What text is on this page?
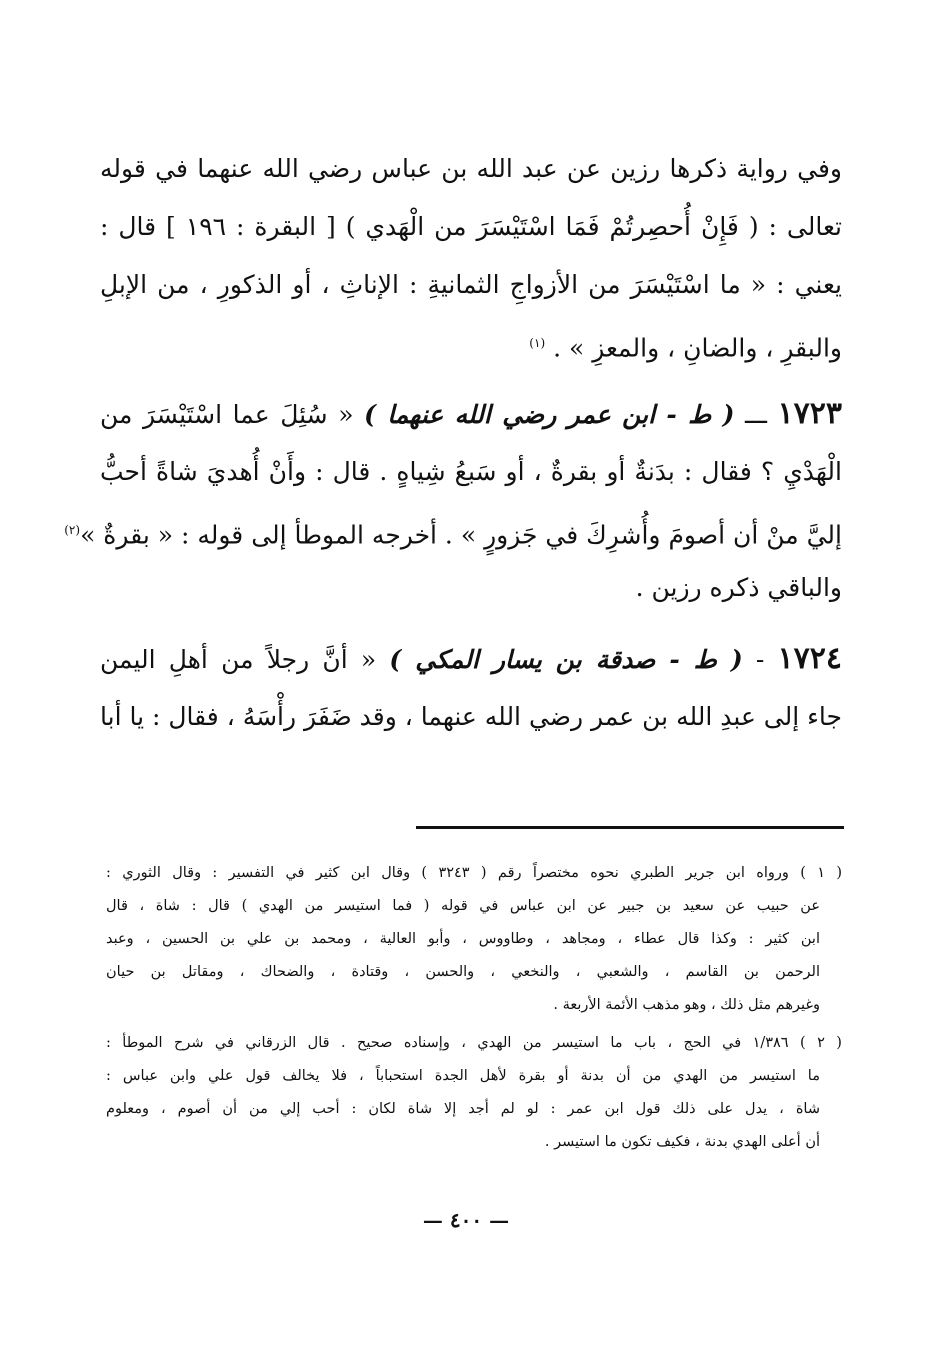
وفي رواية ذكرها رزين عن عبد الله بن عباس رضي الله عنهما في قوله
تعالى : ( فَإِنْ أُحصِرتُمْ فَمَا اسْتَيْسَرَ من الْهَدي ) [ البقرة : ١٩٦ ] قال :
يعني : « ما اسْتَيْسَرَ من الأزواجِ الثمانيةِ : الإناثِ ، أو الذكورِ ، من الإبلِ
والبقرِ ، والضانِ ، والمعزِ » . $^{(١)}$
١٧٢٣ ـــ ( ط - ابن عمر رضي الله عنهما ) « سُئِلَ عما اسْتَيْسَرَ من
الْهَدْيِ ؟ فقال : بدَنةٌ أو بقرةٌ ، أو سَبعُ شِياهٍ . قال : وأَنْ أُهديَ شاةً أحبُّ
إليَّ منْ أن أصومَ وأُشرِكَ في جَزورٍ » . أخرجه الموطأ إلى قوله : « بقرةٌ »$^{(٢)}$
والباقي ذكره رزين .
١٧٢٤ - ( ط - صدقة بن يسار المكي ) « أنَّ رجلاً من أهلِ اليمن
جاء إلى عبدِ الله بن عمر رضي الله عنهما ، وقد ضَفَرَ رأْسَهُ ، فقال : يا أبا
( ١ ) ورواه ابن جرير الطبري نحوه مختصراً رقم ( ٣٢٤٣ ) وقال ابن كثير في التفسير : وقال الثوري :
عن حبيب عن سعيد بن جبير عن ابن عباس في قوله ( فما استيسر من الهدي ) قال : شاة ، قال
ابن كثير : وكذا قال عطاء ، ومجاهد ، وطاووس ، وأبو العالية ، ومحمد بن علي بن الحسين ، وعبد
الرحمن بن القاسم ، والشعبي ، والنخعي ، والحسن ، وقتادة ، والضحاك ، ومقاتل بن حيان
وغيرهم مثل ذلك ، وهو مذهب الأئمة الأربعة .
( ٢ ) ١/٣٨٦ في الحج ، باب ما استيسر من الهدي ، وإسناده صحيح . قال الزرقاني في شرح الموطأ :
ما استيسر من الهدي من أن بدنة أو بقرة لأهل الجدة استحباباً ، فلا يخالف قول علي وابن عباس :
شاة ، يدل على ذلك قول ابن عمر : لو لم أجد إلا شاة لكان : أحب إلي من أن أصوم ، ومعلوم
أن أعلى الهدي بدنة ، فكيف تكون ما استيسر .
— ٤٠٠ —
